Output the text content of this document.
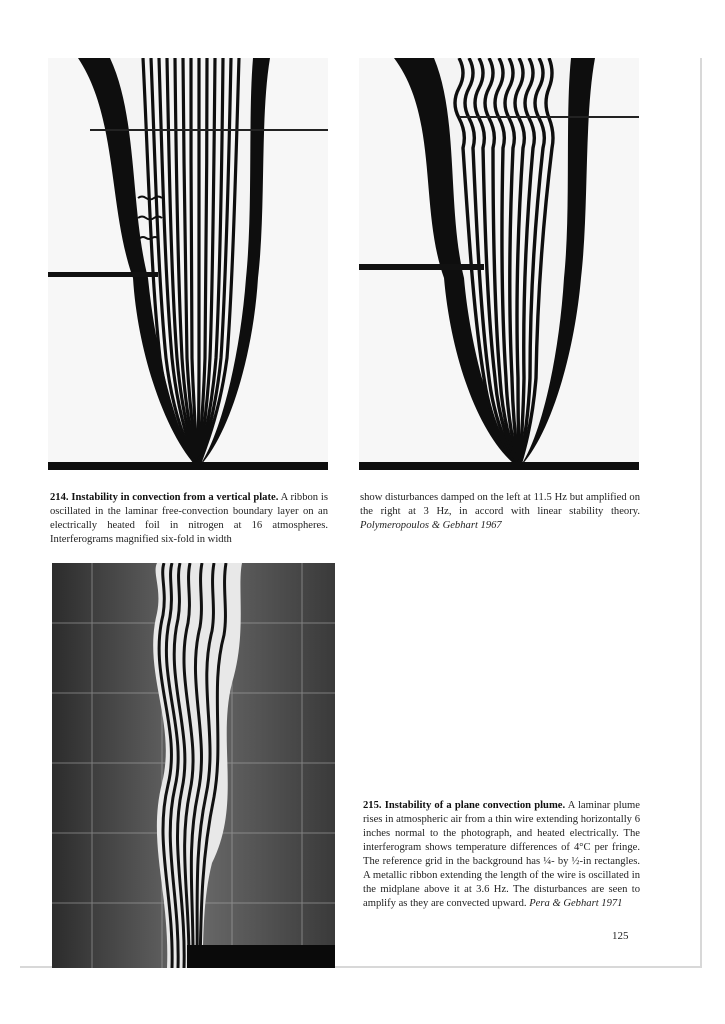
214. Instability in convection from a vertical plate. A ribbon is oscillated in the laminar free-convection boundary layer on an electrically heated foil in nitrogen at 16 atmospheres. Interferograms magnified six-fold in width

show disturbances damped on the left at 11.5 Hz but amplified on the right at 3 Hz, in accord with linear stability theory. Polymeropoulos & Gebhart 1967

215. Instability of a plane convection plume. A laminar plume rises in atmospheric air from a thin wire extending horizontally 6 inches normal to the photograph, and heated electrically. The interferogram shows temperature differences of 4°C per fringe. The reference grid in the background has ¼- by ½-in rectangles. A metallic ribbon extending the length of the wire is oscillated in the midplane above it at 3.6 Hz. The disturbances are seen to amplify as they are convected upward. Pera & Gebhart 1971

125
